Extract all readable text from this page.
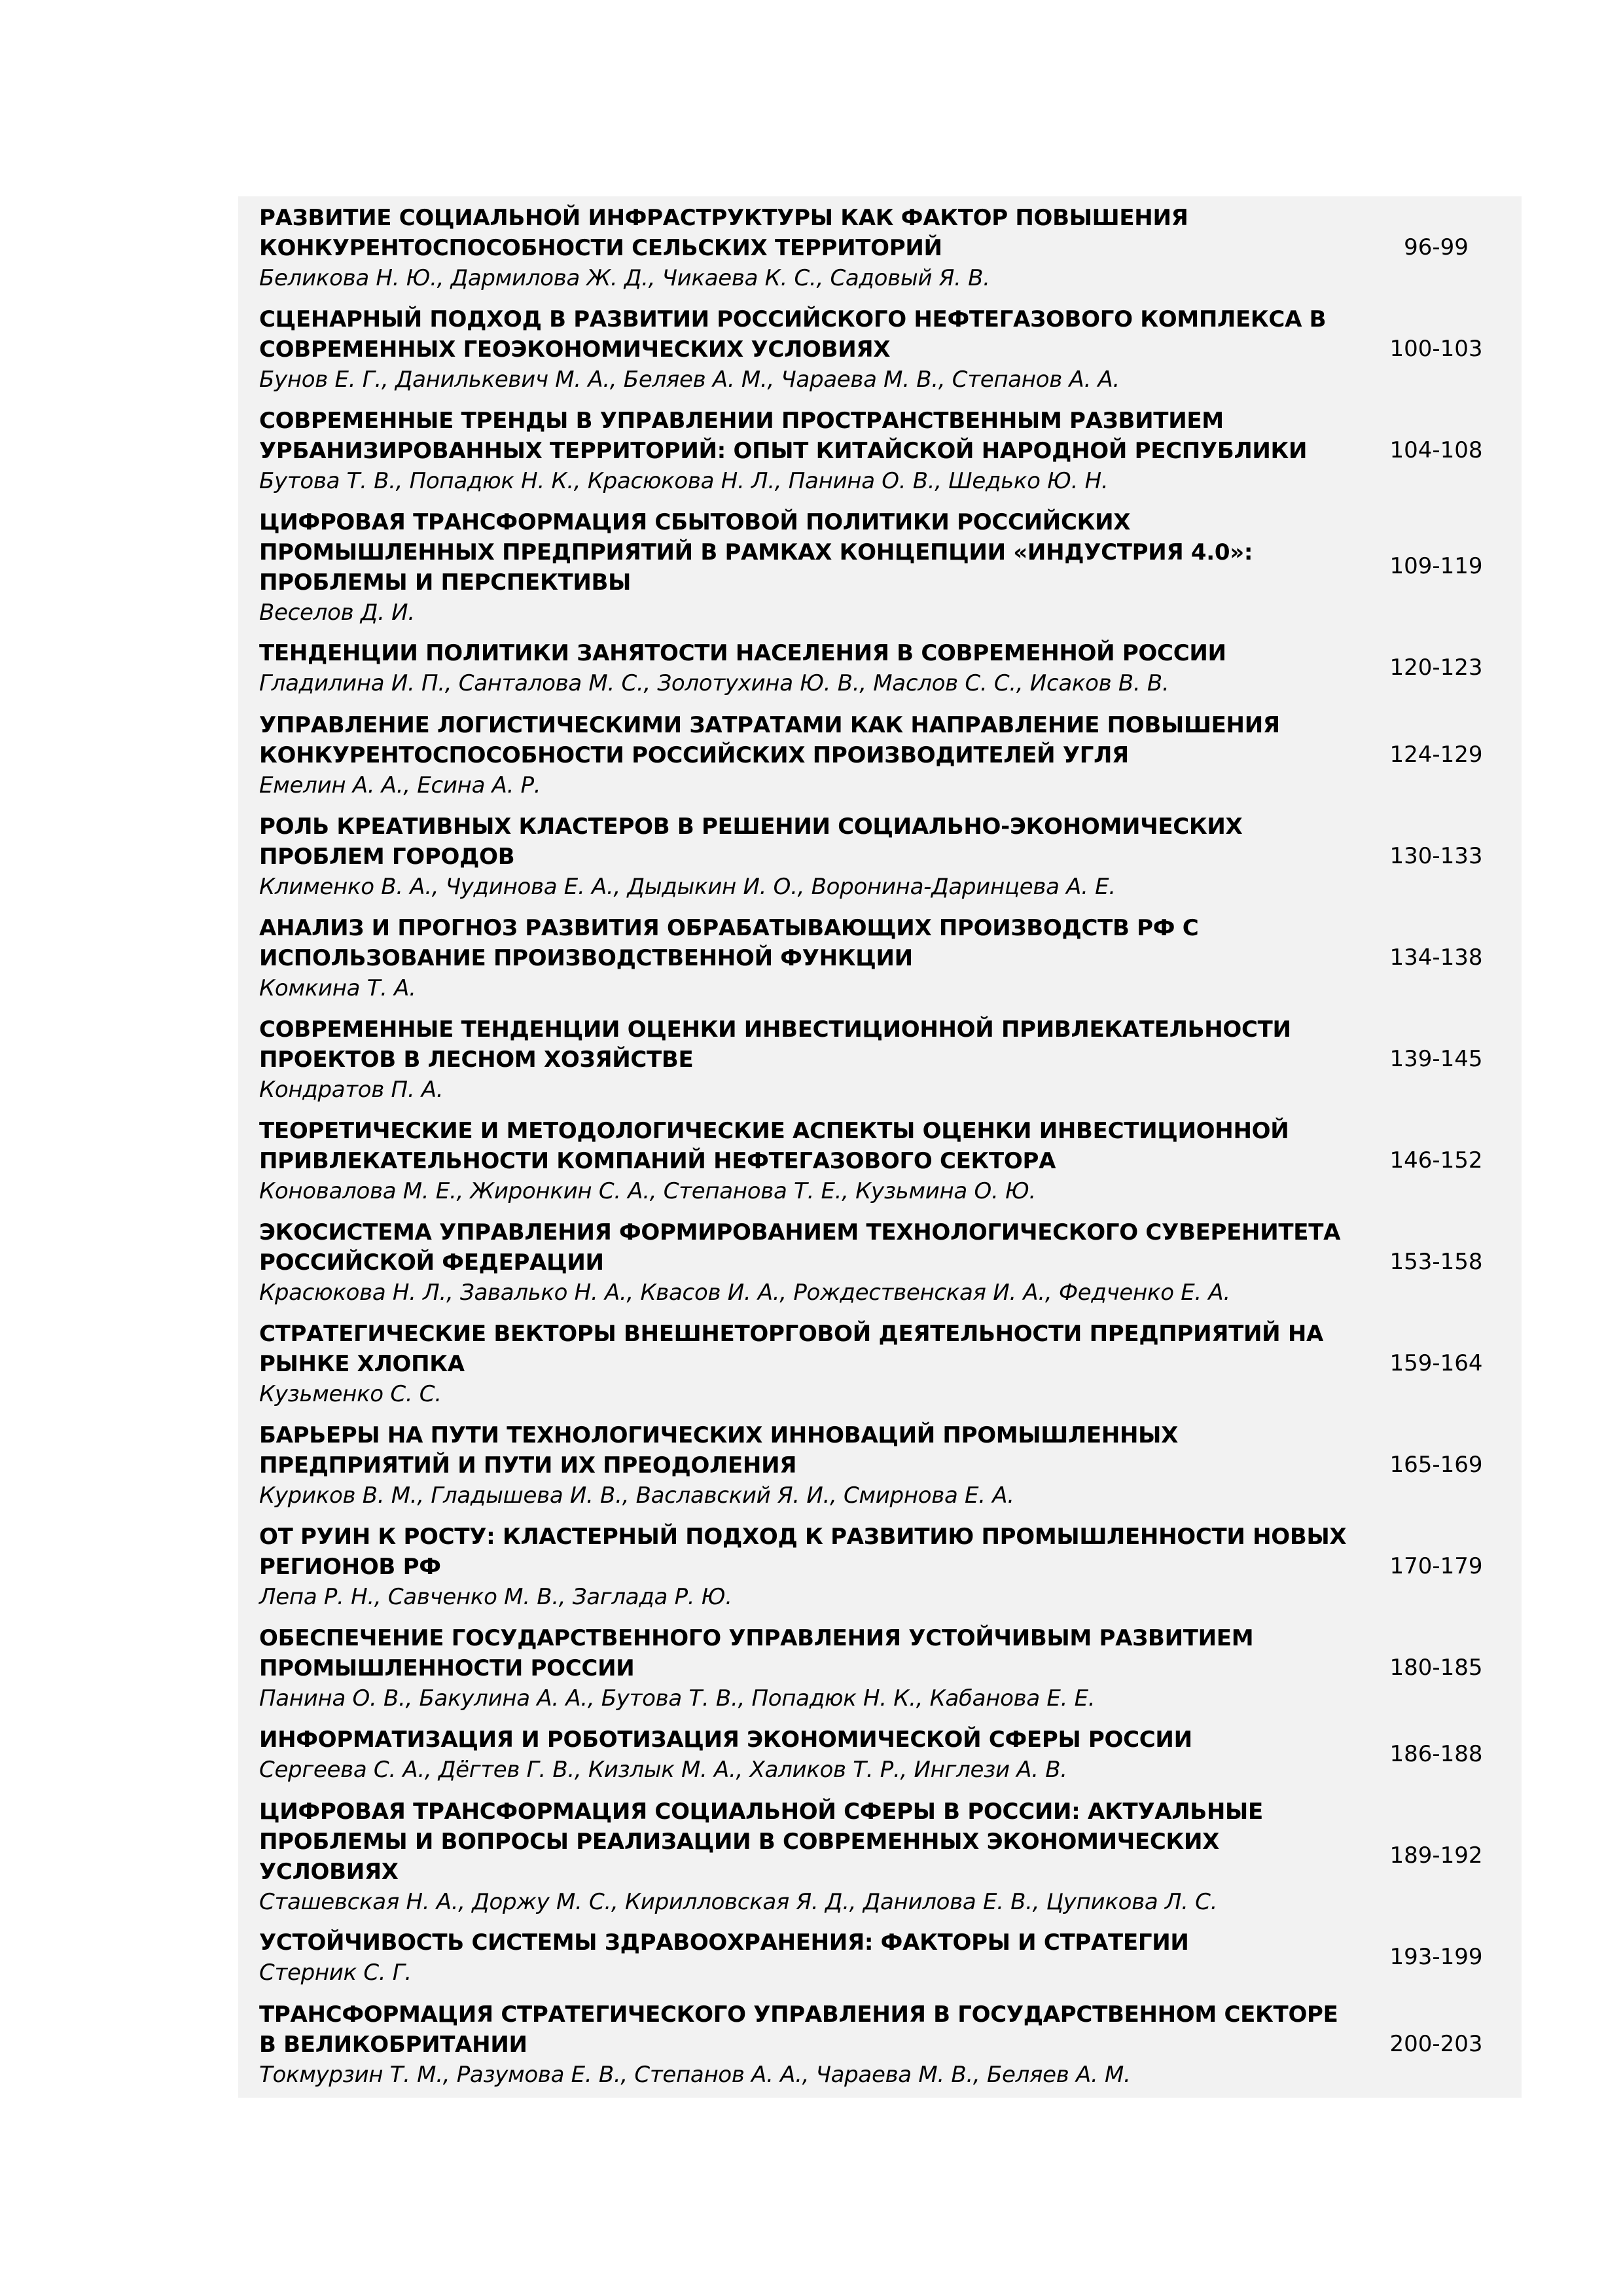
РАЗВИТИЕ СОЦИАЛЬНОЙ ИНФРАСТРУКТУРЫ КАК ФАКТОР ПОВЫШЕНИЯ КОНКУРЕНТОСПОСОБНОСТИ СЕЛЬСКИХ ТЕРРИТОРИЙ
Беликова Н. Ю., Дармилова Ж. Д., Чикаева К. С., Садовый Я. В.
96-99
СЦЕНАРНЫЙ ПОДХОД В РАЗВИТИИ РОССИЙСКОГО НЕФТЕГАЗОВОГО КОМПЛЕКСА В СОВРЕМЕННЫХ ГЕОЭКОНОМИЧЕСКИХ УСЛОВИЯХ
Бунов Е. Г., Данилькевич М. А., Беляев А. М., Чараева М. В., Степанов А. А.
100-103
СОВРЕМЕННЫЕ ТРЕНДЫ В УПРАВЛЕНИИ ПРОСТРАНСТВЕННЫМ РАЗВИТИЕМ УРБАНИЗИРОВАННЫХ ТЕРРИТОРИЙ: ОПЫТ КИТАЙСКОЙ НАРОДНОЙ РЕСПУБЛИКИ
Бутова Т. В., Попадюк Н. К., Красюкова Н. Л., Панина О. В., Шедько Ю. Н.
104-108
ЦИФРОВАЯ ТРАНСФОРМАЦИЯ СБЫТОВОЙ ПОЛИТИКИ РОССИЙСКИХ ПРОМЫШЛЕННЫХ ПРЕДПРИЯТИЙ В РАМКАХ КОНЦЕПЦИИ «ИНДУСТРИЯ 4.0»: ПРОБЛЕМЫ И ПЕРСПЕКТИВЫ
Веселов Д. И.
109-119
ТЕНДЕНЦИИ ПОЛИТИКИ ЗАНЯТОСТИ НАСЕЛЕНИЯ В СОВРЕМЕННОЙ РОССИИ
Гладилина И. П., Санталова М. С., Золотухина Ю. В., Маслов С. С., Исаков В. В.
120-123
УПРАВЛЕНИЕ ЛОГИСТИЧЕСКИМИ ЗАТРАТАМИ КАК НАПРАВЛЕНИЕ ПОВЫШЕНИЯ КОНКУРЕНТОСПОСОБНОСТИ РОССИЙСКИХ ПРОИЗВОДИТЕЛЕЙ УГЛЯ
Емелин А. А., Есина А. Р.
124-129
РОЛЬ КРЕАТИВНЫХ КЛАСТЕРОВ В РЕШЕНИИ СОЦИАЛЬНО-ЭКОНОМИЧЕСКИХ ПРОБЛЕМ ГОРОДОВ
Клименко В. А., Чудинова Е. А., Дыдыкин И. О., Воронина-Даринцева А. Е.
130-133
АНАЛИЗ И ПРОГНОЗ РАЗВИТИЯ ОБРАБАТЫВАЮЩИХ ПРОИЗВОДСТВ РФ С ИСПОЛЬЗОВАНИЕ ПРОИЗВОДСТВЕННОЙ ФУНКЦИИ
Комкина Т. А.
134-138
СОВРЕМЕННЫЕ ТЕНДЕНЦИИ ОЦЕНКИ ИНВЕСТИЦИОННОЙ ПРИВЛЕКАТЕЛЬНОСТИ ПРОЕКТОВ В ЛЕСНОМ ХОЗЯЙСТВЕ
Кондратов П. А.
139-145
ТЕОРЕТИЧЕСКИЕ И МЕТОДОЛОГИЧЕСКИЕ АСПЕКТЫ ОЦЕНКИ ИНВЕСТИЦИОННОЙ ПРИВЛЕКАТЕЛЬНОСТИ КОМПАНИЙ НЕФТЕГАЗОВОГО СЕКТОРА
Коновалова М. Е., Жиронкин С. А., Степанова Т. Е., Кузьмина О. Ю.
146-152
ЭКОСИСТЕМА УПРАВЛЕНИЯ ФОРМИРОВАНИЕМ ТЕХНОЛОГИЧЕСКОГО СУВЕРЕНИТЕТА РОССИЙСКОЙ ФЕДЕРАЦИИ
Красюкова Н. Л., Завалько Н. А., Квасов И. А., Рождественская И. А., Федченко Е. А.
153-158
СТРАТЕГИЧЕСКИЕ ВЕКТОРЫ ВНЕШНЕТОРГОВОЙ ДЕЯТЕЛЬНОСТИ ПРЕДПРИЯТИЙ НА РЫНКЕ ХЛОПКА
Кузьменко С. С.
159-164
БАРЬЕРЫ НА ПУТИ ТЕХНОЛОГИЧЕСКИХ ИННОВАЦИЙ ПРОМЫШЛЕННЫХ ПРЕДПРИЯТИЙ И ПУТИ ИХ ПРЕОДОЛЕНИЯ
Куриков В. М., Гладышева И. В., Ваславский Я. И., Смирнова Е. А.
165-169
ОТ РУИН К РОСТУ: КЛАСТЕРНЫЙ ПОДХОД К РАЗВИТИЮ ПРОМЫШЛЕННОСТИ НОВЫХ РЕГИОНОВ РФ
Лепа Р. Н., Савченко М. В., Заглада Р. Ю.
170-179
ОБЕСПЕЧЕНИЕ ГОСУДАРСТВЕННОГО УПРАВЛЕНИЯ УСТОЙЧИВЫМ РАЗВИТИЕМ ПРОМЫШЛЕННОСТИ РОССИИ
Панина О. В., Бакулина А. А., Бутова Т. В., Попадюк Н. К., Кабанова Е. Е.
180-185
ИНФОРМАТИЗАЦИЯ И РОБОТИЗАЦИЯ ЭКОНОМИЧЕСКОЙ СФЕРЫ РОССИИ
Сергеева С. А., Дёгтев Г. В., Кизлык М. А., Халиков Т. Р., Инглези А. В.
186-188
ЦИФРОВАЯ ТРАНСФОРМАЦИЯ СОЦИАЛЬНОЙ СФЕРЫ В РОССИИ: АКТУАЛЬНЫЕ ПРОБЛЕМЫ И ВОПРОСЫ РЕАЛИЗАЦИИ В СОВРЕМЕННЫХ ЭКОНОМИЧЕСКИХ УСЛОВИЯХ
Сташевская Н. А., Доржу М. С., Кирилловская Я. Д., Данилова Е. В., Цупикова Л. С.
189-192
УСТОЙЧИВОСТЬ СИСТЕМЫ ЗДРАВООХРАНЕНИЯ: ФАКТОРЫ И СТРАТЕГИИ
Стерник С. Г.
193-199
ТРАНСФОРМАЦИЯ СТРАТЕГИЧЕСКОГО УПРАВЛЕНИЯ В ГОСУДАРСТВЕННОМ СЕКТОРЕ В ВЕЛИКОБРИТАНИИ
Токмурзин Т. М., Разумова Е. В., Степанов А. А., Чараева М. В., Беляев А. М.
200-203
